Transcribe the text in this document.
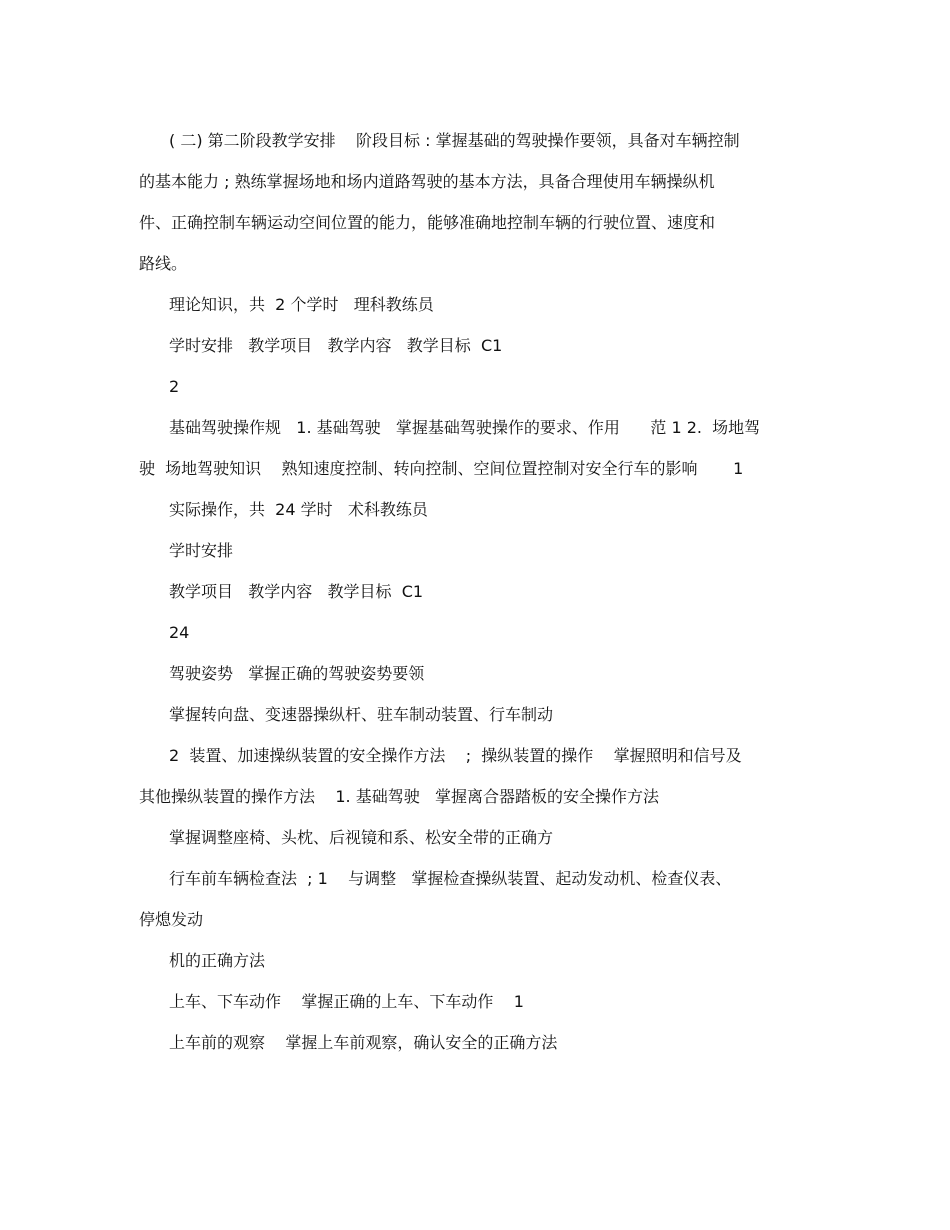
( 二) 第二阶段教学安排    阶段目标 : 掌握基础的驾驶操作要领，具备对车辆控制

的基本能力 ; 熟练掌握场地和场内道路驾驶的基本方法，具备合理使用车辆操纵机

件、正确控制车辆运动空间位置的能力，能够准确地控制车辆的行驶位置、速度和

路线。

理论知识，共  2 个学时   理科教练员

学时安排   教学项目   教学内容   教学目标  C1

2

基础驾驶操作规   1. 基础驾驶   掌握基础驾驶操作的要求、作用      范 1 2.  场地驾

驶  场地驾驶知识    熟知速度控制、转向控制、空间位置控制对安全行车的影响       1

实际操作，共  24 学时   术科教练员

学时安排

教学项目   教学内容   教学目标  C1

24

驾驶姿势   掌握正确的驾驶姿势要领

掌握转向盘、变速器操纵杆、驻车制动装置、行车制动

2  装置、加速操纵装置的安全操作方法    ;  操纵装置的操作    掌握照明和信号及

其他操纵装置的操作方法    1. 基础驾驶   掌握离合器踏板的安全操作方法

掌握调整座椅、头枕、后视镜和系、松安全带的正确方

行车前车辆检查法  ; 1    与调整   掌握检查操纵装置、起动发动机、检查仪表、

停熄发动

机的正确方法

上车、下车动作    掌握正确的上车、下车动作    1

上车前的观察    掌握上车前观察，确认安全的正确方法
